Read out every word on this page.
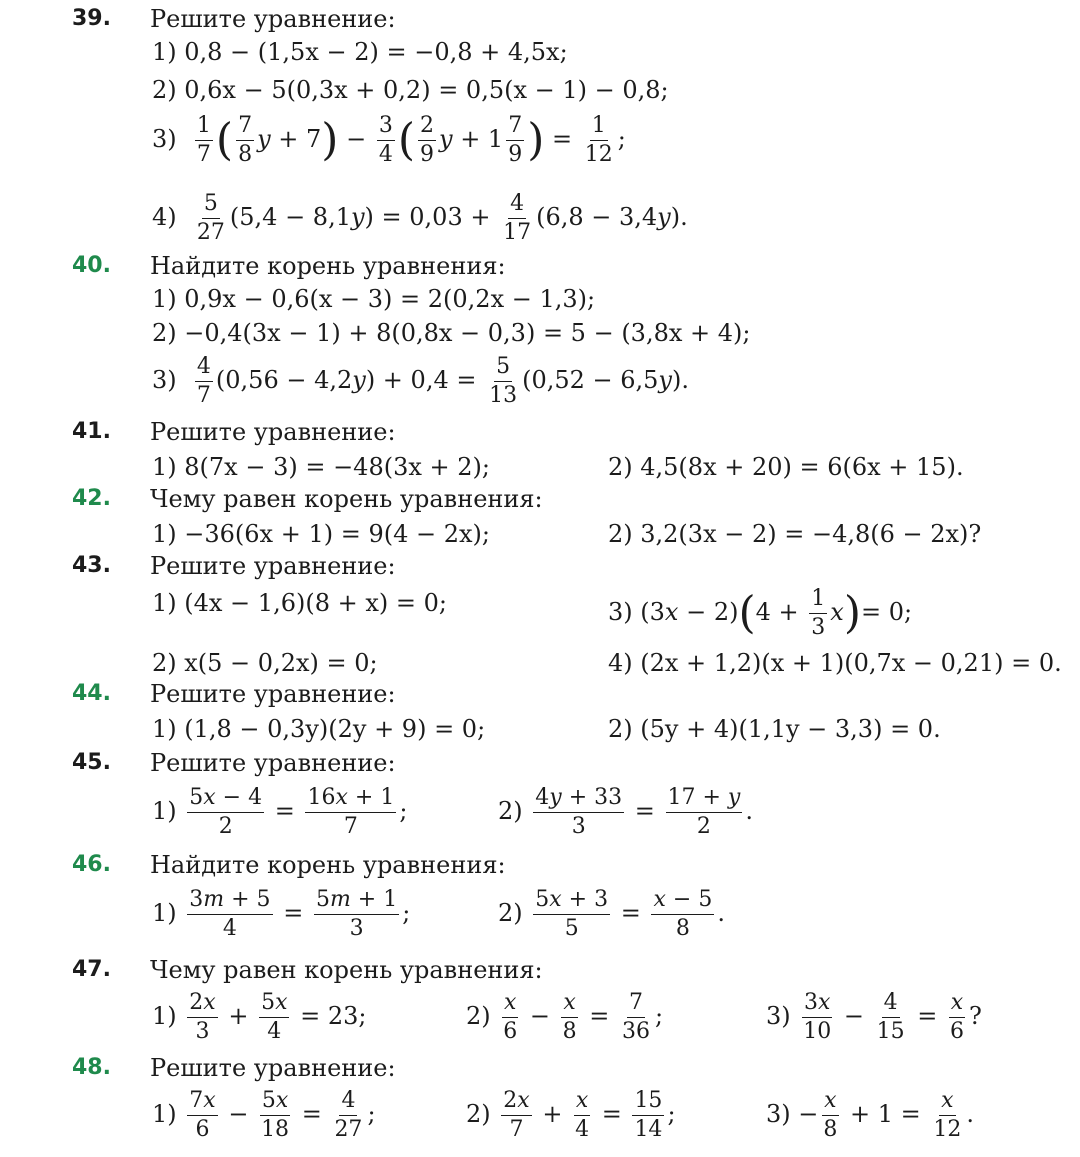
39. Решите уравнение:
1) 0,8 − (1,5x − 2) = −0,8 + 4,5x;
2) 0,6x − 5(0,3x + 0,2) = 0,5(x − 1) − 0,8;
$3) \frac{1}{7}$ ( $\frac{7}{8}$ $y + 7) - \frac{3}{4}$ ( $\frac{2}{9}$ $y + 1 \frac{7}{9}$ ) = $\frac{1}{12}$ ;
$4) \frac{5}{27} (5,4 - 8,1y) = 0,03 + \frac{4}{17} (6,8 - 3,4y)$.
40. Найдите корень уравнения:
1) 0,9x − 0,6(x − 3) = 2(0,2x − 1,3);
2) −0,4(3x − 1) + 8(0,8x − 0,3) = 5 − (3,8x + 4);
$3) \frac{4}{7} (0,56 - 4,2y) + 0,4 = \frac{5}{13} (0,52 - 6,5y)$.
41. Решите уравнение:
1) 8(7x − 3) = −48(3x + 2);	2) 4,5(8x + 20) = 6(6x + 15).
42. Чему равен корень уравнения:
1) −36(6x + 1) = 9(4 − 2x);	2) 3,2(3x − 2) = −4,8(6 − 2x)?
43. Решите уравнение:
1) (4x − 1,6)(8 + x) = 0;	3) $(3x - 2)(4 + \frac{1}{3} x)= 0$;
2) x(5 − 0,2x) = 0;	4) (2x + 1,2)(x + 1)(0,7x − 0,21) = 0.
44. Решите уравнение:
1) (1,8 − 0,3y)(2y + 9) = 0;	2) (5y + 4)(1,1y − 3,3) = 0.
45. Решите уравнение:
$1) \frac{5x - 4}{2} = \frac{16x + 1}{7}$ ;	$2) \frac{4y + 33}{3} = \frac{17 + y}{2}$ .
46. Найдите корень уравнения:
$1) \frac{3m + 5}{4} = \frac{5m + 1}{3}$ ;	$2) \frac{5x + 3}{5} = \frac{x - 5}{8}$ .
47. Чему равен корень уравнения:
$1) \frac{2x}{3} + \frac{5x}{4} = 23$;	$2) \frac{x}{6} - \frac{x}{8} = \frac{7}{36}$ ;	$3) \frac{3x}{10} - \frac{4}{15} = \frac{x}{6}$ ?
48. Решите уравнение:
$1) \frac{7x}{6} - \frac{5x}{18} = \frac{4}{27}$ ;	$2) \frac{2x}{7} + \frac{x}{4} = \frac{15}{14}$ ;	$3) - \frac{x}{8} + 1 = \frac{x}{12}$ .
